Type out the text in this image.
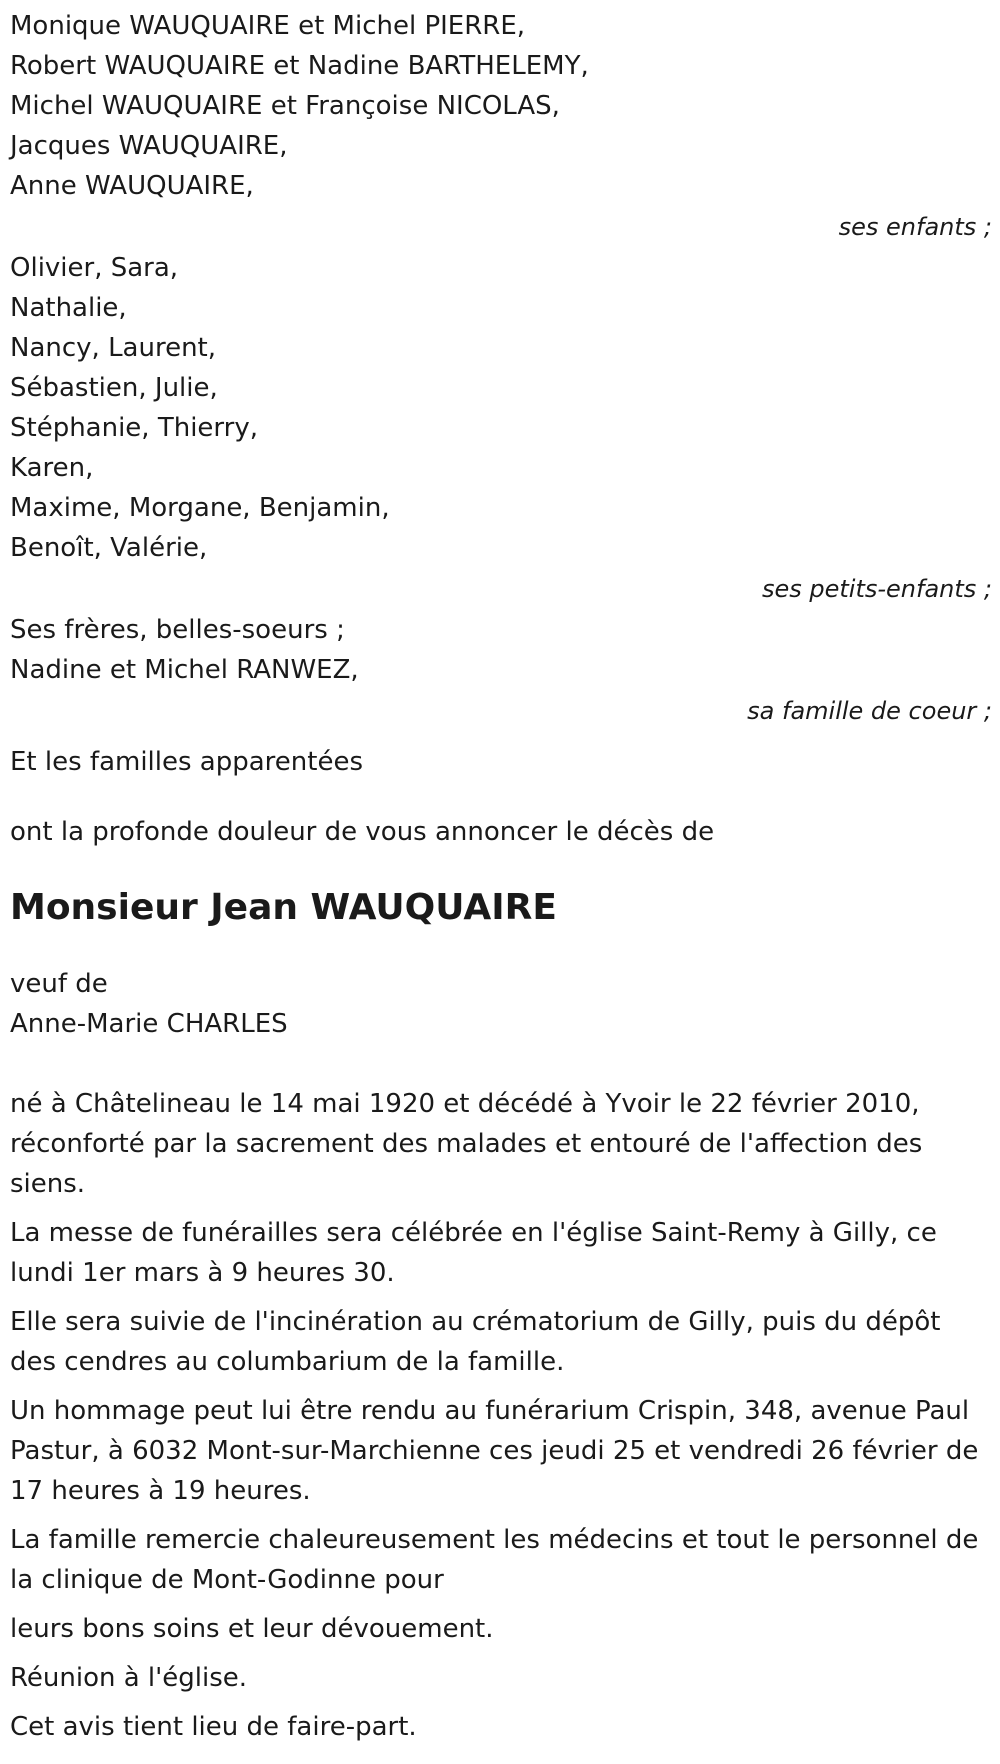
Monique WAUQUAIRE et Michel PIERRE,
Robert WAUQUAIRE et Nadine BARTHELEMY,
Michel WAUQUAIRE et Françoise NICOLAS,
Jacques WAUQUAIRE,
Anne WAUQUAIRE,
ses enfants ;
Olivier, Sara,
Nathalie,
Nancy, Laurent,
Sébastien, Julie,
Stéphanie, Thierry,
Karen,
Maxime, Morgane, Benjamin,
Benoît, Valérie,
ses petits-enfants ;
Ses frères, belles-soeurs ;
Nadine et Michel RANWEZ,
sa famille de coeur ;
Et les familles apparentées
ont la profonde douleur de vous annoncer le décès de
Monsieur Jean WAUQUAIRE
veuf de
Anne-Marie CHARLES
né à Châtelineau le 14 mai 1920 et décédé à Yvoir le 22 février 2010, réconforté par la sacrement des malades et entouré de l'affection des siens.
La messe de funérailles sera célébrée en l'église Saint-Remy à Gilly, ce lundi 1er mars à 9 heures 30.
Elle sera suivie de l'incinération au crématorium de Gilly, puis du dépôt des cendres au columbarium de la famille.
Un hommage peut lui être rendu au funérarium Crispin, 348, avenue Paul Pastur, à 6032 Mont-sur-Marchienne ces jeudi 25 et vendredi 26 février de 17 heures à 19 heures.
La famille remercie chaleureusement les médecins et tout le personnel de la clinique de Mont-Godinne pour
leurs bons soins et leur dévouement.
Réunion à l'église.
Cet avis tient lieu de faire-part.
